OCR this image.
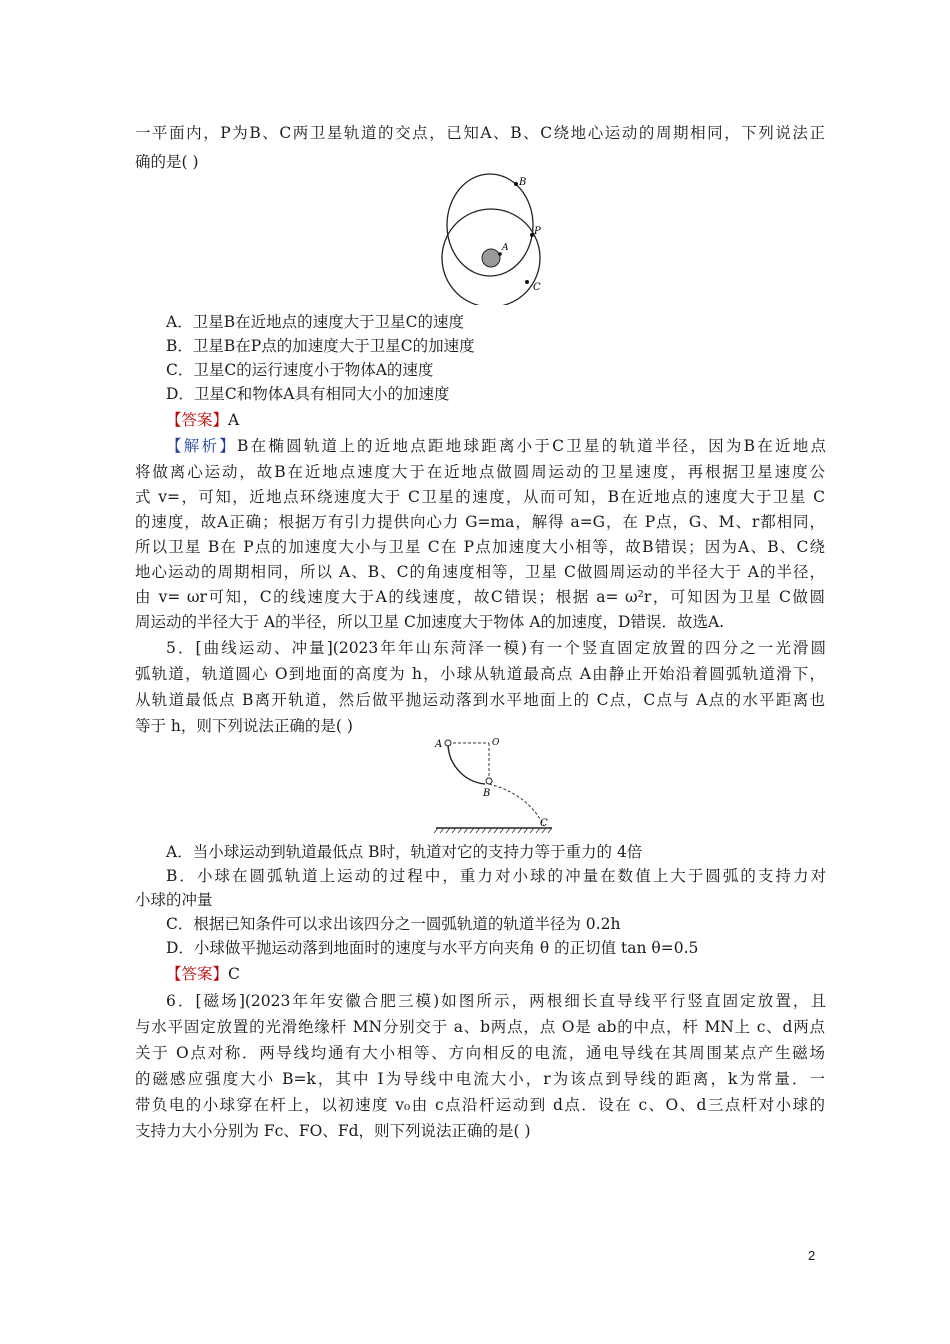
一平面内，P为B、C两卫星轨道的交点，已知A、B、C绕地心运动的周期相同，下列说法正
确的是( )
B
P
A
C
A．卫星B在近地点的速度大于卫星C的速度
B．卫星B在P点的加速度大于卫星C的加速度
C．卫星C的运行速度小于物体A的速度
D．卫星C和物体A具有相同大小的加速度
【答案】A
【解析】B在椭圆轨道上的近地点距地球距离小于C卫星的轨道半径，因为B在近地点
将做离心运动，故B在近地点速度大于在近地点做圆周运动的卫星速度，再根据卫星速度公
式 v=，可知，近地点环绕速度大于 C卫星的速度，从而可知，B在近地点的速度大于卫星 C
的速度，故A正确；根据万有引力提供向心力 G=ma，解得 a=G，在 P点，G、M、r都相同，
所以卫星 B在 P点的加速度大小与卫星 C在 P点加速度大小相等，故B错误；因为A、B、C绕
地心运动的周期相同，所以 A、B、C的角速度相等，卫星 C做圆周运动的半径大于 A的半径，
由 v= ωr可知，C的线速度大于A的线速度，故C错误；根据 a= ω²r，可知因为卫星 C做圆
周运动的半径大于 A的半径，所以卫星 C加速度大于物体 A的加速度，D错误．故选A.
5．[曲线运动、冲量](2023年年山东菏泽一模)有一个竖直固定放置的四分之一光滑圆
弧轨道，轨道圆心 O到地面的高度为 h，小球从轨道最高点 A由静止开始沿着圆弧轨道滑下，
从轨道最低点 B离开轨道，然后做平抛运动落到水平地面上的 C点，C点与 A点的水平距离也
等于 h，则下列说法正确的是( )
A	O
B
C
A．当小球运动到轨道最低点 B时，轨道对它的支持力等于重力的 4倍
B．小球在圆弧轨道上运动的过程中，重力对小球的冲量在数值上大于圆弧的支持力对
小球的冲量
C．根据已知条件可以求出该四分之一圆弧轨道的轨道半径为 0.2h
D．小球做平抛运动落到地面时的速度与水平方向夹角 θ 的正切值 tan θ=0.5
【答案】C
6．[磁场](2023年年安徽合肥三模)如图所示，两根细长直导线平行竖直固定放置，且
与水平固定放置的光滑绝缘杆 MN分别交于 a、b两点，点 O是 ab的中点，杆 MN上 c、d两点
关于 O点对称．两导线均通有大小相等、方向相反的电流，通电导线在其周围某点产生磁场
的磁感应强度大小 B=k，其中 I为导线中电流大小，r为该点到导线的距离，k为常量．一
带负电的小球穿在杆上，以初速度 v₀由 c点沿杆运动到 d点．设在 c、O、d三点杆对小球的
支持力大小分别为 Fc、FO、Fd，则下列说法正确的是( )
2
